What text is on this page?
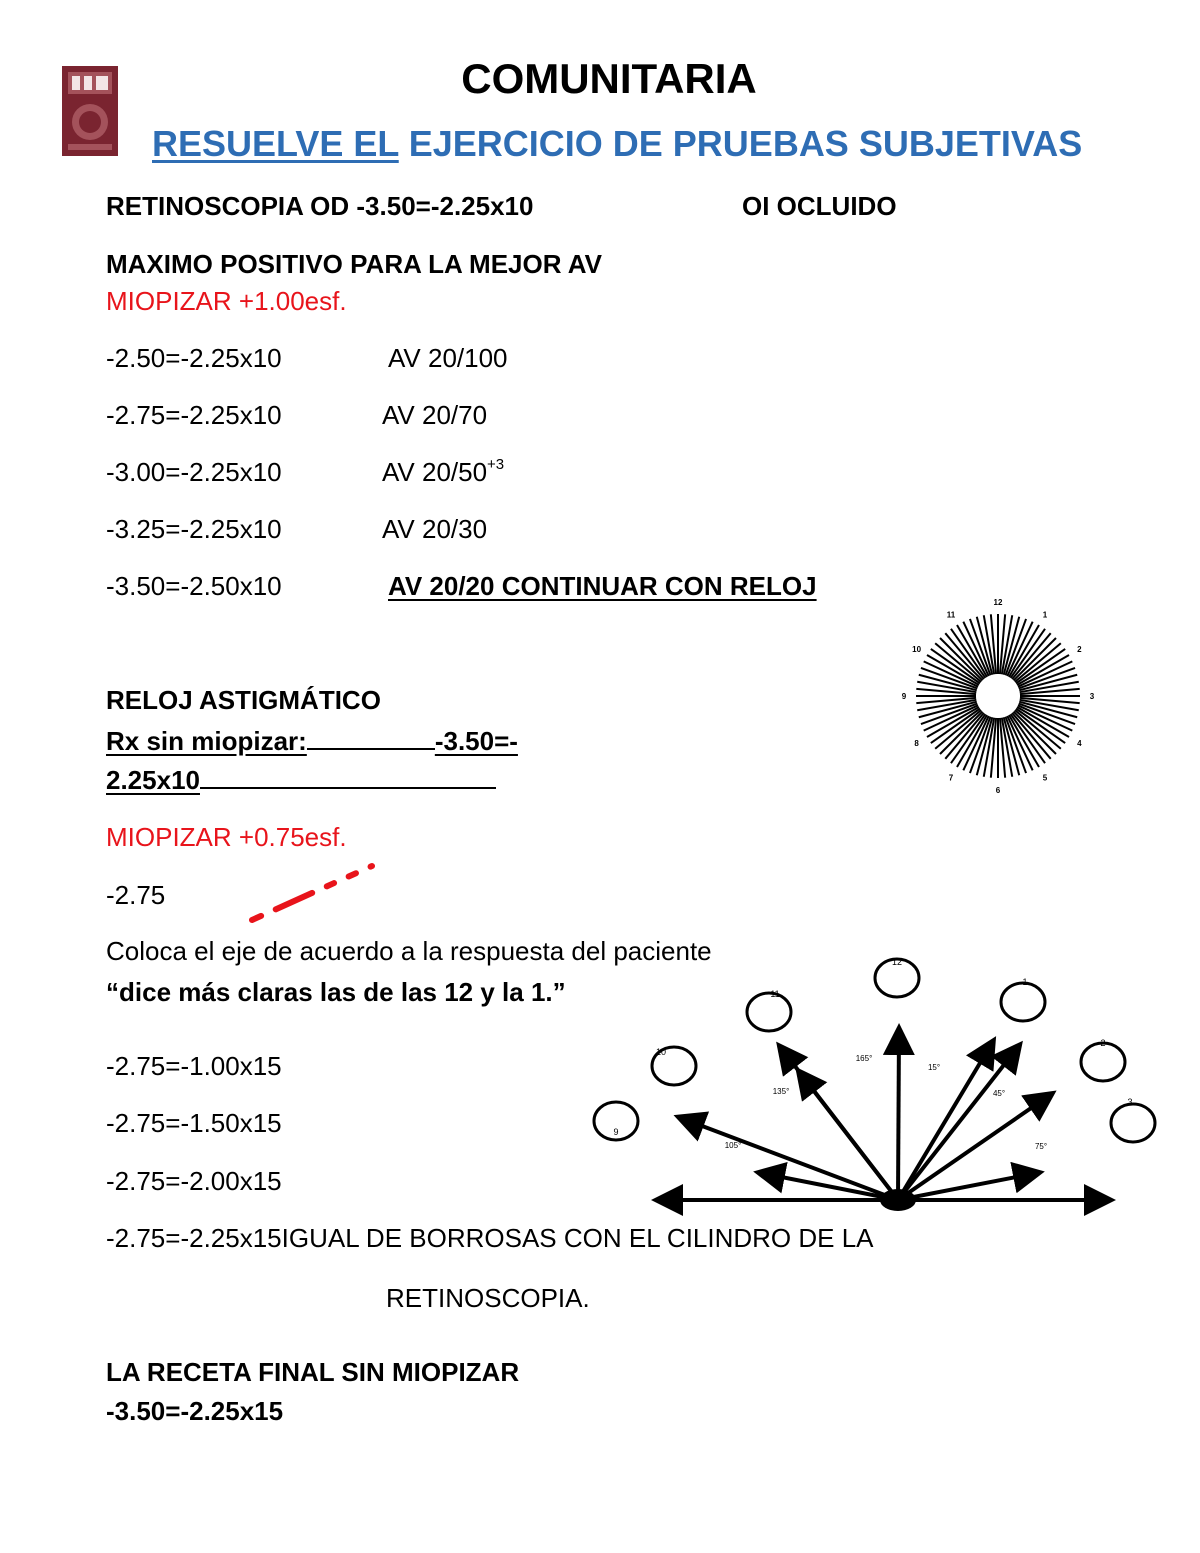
COMUNITARIA
RESUELVE EL EJERCICIO DE PRUEBAS SUBJETIVAS
RETINOSCOPIA OD -3.50=-2.25x10	OI OCLUIDO
MAXIMO POSITIVO PARA LA MEJOR AV
MIOPIZAR +1.00esf.
-2.50=-2.25x10	AV 20/100
-2.75=-2.25x10	AV 20/70
-3.00=-2.25x10	AV $20/50^{+3}$
-3.25=-2.25x10	AV 20/30
-3.50=-2.50x10	AV 20/20 CONTINUAR CON RELOJ
12
1
2
3
4
5
6
7
8
9
10
11
RELOJ ASTIGMÁTICO
Rx sin miopizar:	-3.50=-
2.25x10
MIOPIZAR +0.75esf.
-2.75
Coloca el eje de acuerdo a la respuesta del paciente
“dice más claras las de las 12 y la 1.”
-2.75=-1.00x15
-2.75=-1.50x15
-2.75=-2.00x15
-2.75=-2.25x15IGUAL DE BORROSAS CON EL CILINDRO DE LA
RETINOSCOPIA.
LA RECETA FINAL SIN MIOPIZAR
-3.50=-2.25x15
12
1
2
3
9
10
11
165°
15°
135°	45°
105°	75°
